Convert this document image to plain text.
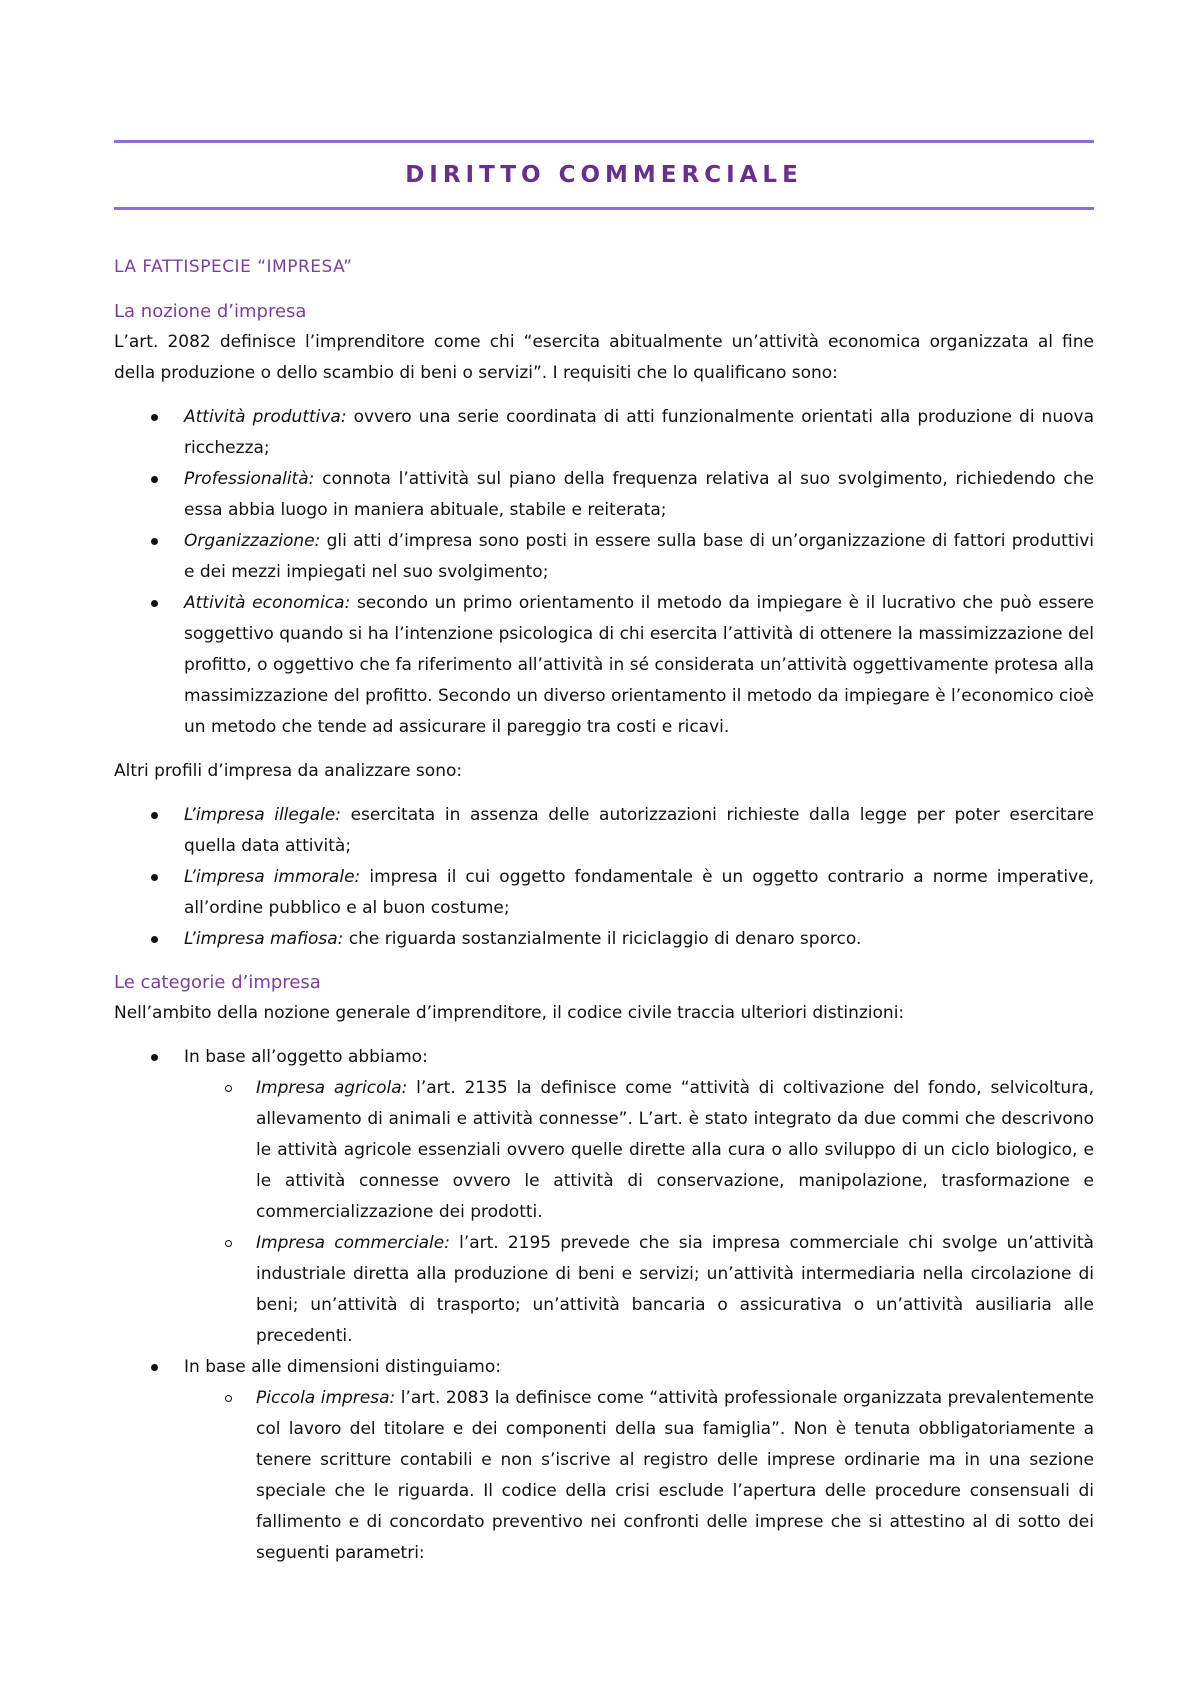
DIRITTO COMMERCIALE
LA FATTISPECIE “IMPRESA”
La nozione d’impresa

L’art. 2082 definisce l’imprenditore come chi “esercita abitualmente un’attività economica organizzata al fine della produzione o dello scambio di beni o servizi”. I requisiti che lo qualificano sono:

Attività produttiva: ovvero una serie coordinata di atti funzionalmente orientati alla produzione di nuova ricchezza;
Professionalità: connota l’attività sul piano della frequenza relativa al suo svolgimento, richiedendo che essa abbia luogo in maniera abituale, stabile e reiterata;
Organizzazione: gli atti d’impresa sono posti in essere sulla base di un’organizzazione di fattori produttivi e dei mezzi impiegati nel suo svolgimento;
Attività economica: secondo un primo orientamento il metodo da impiegare è il lucrativo che può essere soggettivo quando si ha l’intenzione psicologica di chi esercita l’attività di ottenere la massimizzazione del profitto, o oggettivo che fa riferimento all’attività in sé considerata un’attività oggettivamente protesa alla massimizzazione del profitto. Secondo un diverso orientamento il metodo da impiegare è l’economico cioè un metodo che tende ad assicurare il pareggio tra costi e ricavi.

Altri profili d’impresa da analizzare sono:

L’impresa illegale: esercitata in assenza delle autorizzazioni richieste dalla legge per poter esercitare quella data attività;
L’impresa immorale: impresa il cui oggetto fondamentale è un oggetto contrario a norme imperative, all’ordine pubblico e al buon costume;
L’impresa mafiosa: che riguarda sostanzialmente il riciclaggio di denaro sporco.
Le categorie d’impresa

Nell’ambito della nozione generale d’imprenditore, il codice civile traccia ulteriori distinzioni:

In base all’oggetto abbiamo:
Impresa agricola: l’art. 2135 la definisce come “attività di coltivazione del fondo, selvicoltura, allevamento di animali e attività connesse”. L’art. è stato integrato da due commi che descrivono le attività agricole essenziali ovvero quelle dirette alla cura o allo sviluppo di un ciclo biologico, e le attività connesse ovvero le attività di conservazione, manipolazione, trasformazione e commercializzazione dei prodotti.
Impresa commerciale: l’art. 2195 prevede che sia impresa commerciale chi svolge un’attività industriale diretta alla produzione di beni e servizi; un’attività intermediaria nella circolazione di beni; un’attività di trasporto; un’attività bancaria o assicurativa o un’attività ausiliaria alle precedenti.
In base alle dimensioni distinguiamo:
Piccola impresa: l’art. 2083 la definisce come “attività professionale organizzata prevalentemente col lavoro del titolare e dei componenti della sua famiglia”. Non è tenuta obbligatoriamente a tenere scritture contabili e non s’iscrive al registro delle imprese ordinarie ma in una sezione speciale che le riguarda. Il codice della crisi esclude l’apertura delle procedure consensuali di fallimento e di concordato preventivo nei confronti delle imprese che si attestino al di sotto dei seguenti parametri:
